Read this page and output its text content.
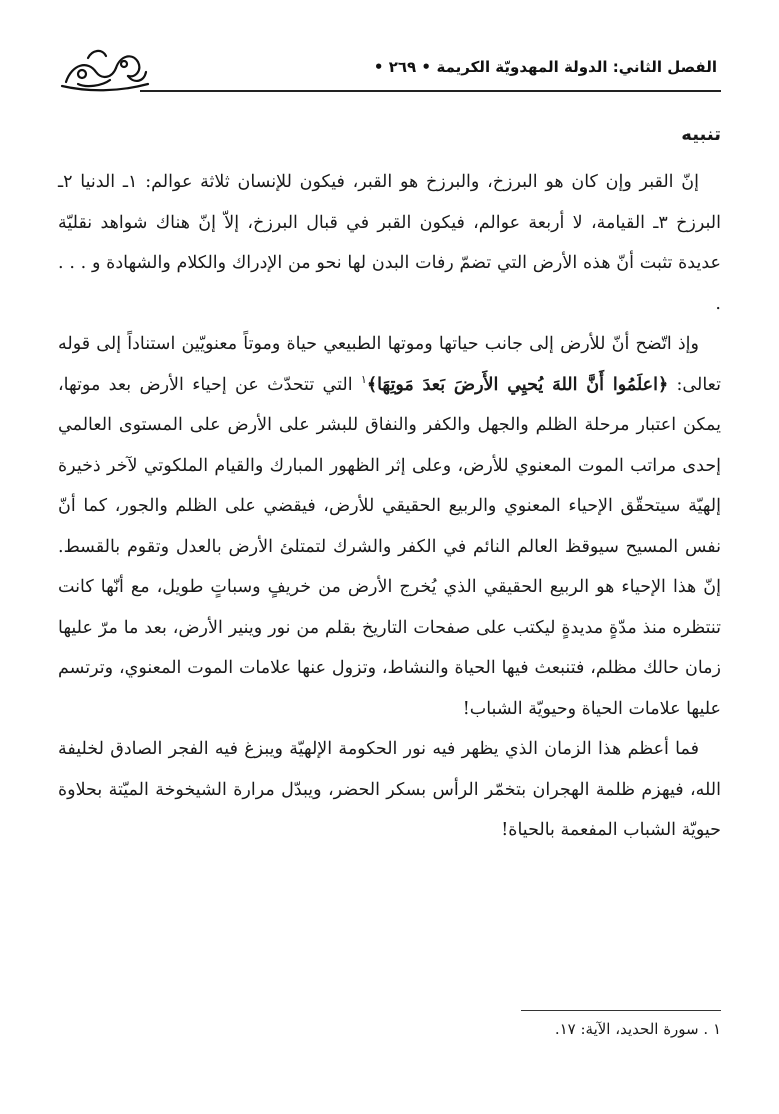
الفصل الثاني: الدولة المهدويّة الكريمة
• ٢٦٩ •
تنبيه

إنّ القبر وإن كان هو البرزخ، والبرزخ هو القبر، فيكون للإنسان ثلاثة عوالم: ١ـ الدنيا ٢ـ البرزخ ٣ـ القيامة، لا أربعة عوالم، فيكون القبر في قبال البرزخ، إلاّ إنّ هناك شواهد نقليّة عديدة تثبت أنّ هذه الأرض التي تضمّ رفات البدن لها نحو من الإدراك والكلام والشهادة و . . . .

وإذ اتّضح أنّ للأرض إلى جانب حياتها وموتها الطبيعي حياة وموتاً معنويّين استناداً إلى قوله تعالى: ﴿اعلَمُوا أَنَّ اللهَ يُحيِي الأَرضَ بَعدَ مَوتِهَا﴾$^١$ التي تتحدّث عن إحياء الأرض بعد موتها، يمكن اعتبار مرحلة الظلم والجهل والكفر والنفاق للبشر على الأرض على المستوى العالمي إحدى مراتب الموت المعنوي للأرض، وعلى إثر الظهور المبارك والقيام الملكوتي لآخر ذخيرة إلهيّة سيتحقّق الإحياء المعنوي والربيع الحقيقي للأرض، فيقضي على الظلم والجور، كما أنّ نفس المسيح سيوقظ العالم النائم في الكفر والشرك لتمتلئ الأرض بالعدل وتقوم بالقسط. إنّ هذا الإحياء هو الربيع الحقيقي الذي يُخرج الأرض من خريفٍ وسباتٍ طويل، مع أنّها كانت تنتظره منذ مدّةٍ مديدةٍ ليكتب على صفحات التاريخ بقلم من نور وينير الأرض، بعد ما مرّ عليها زمان حالك مظلم، فتنبعث فيها الحياة والنشاط، وتزول عنها علامات الموت المعنوي، وترتسم عليها علامات الحياة وحيويّة الشباب!

فما أعظم هذا الزمان الذي يظهر فيه نور الحكومة الإلهيّة ويبزغ فيه الفجر الصادق لخليفة الله، فيهزم ظلمة الهجران بتخمّر الرأس بسكر الحضر، ويبدّل مرارة الشيخوخة الميّتة بحلاوة حيويّة الشباب المفعمة بالحياة!

١ . سورة الحديد، الآية: ١٧.
